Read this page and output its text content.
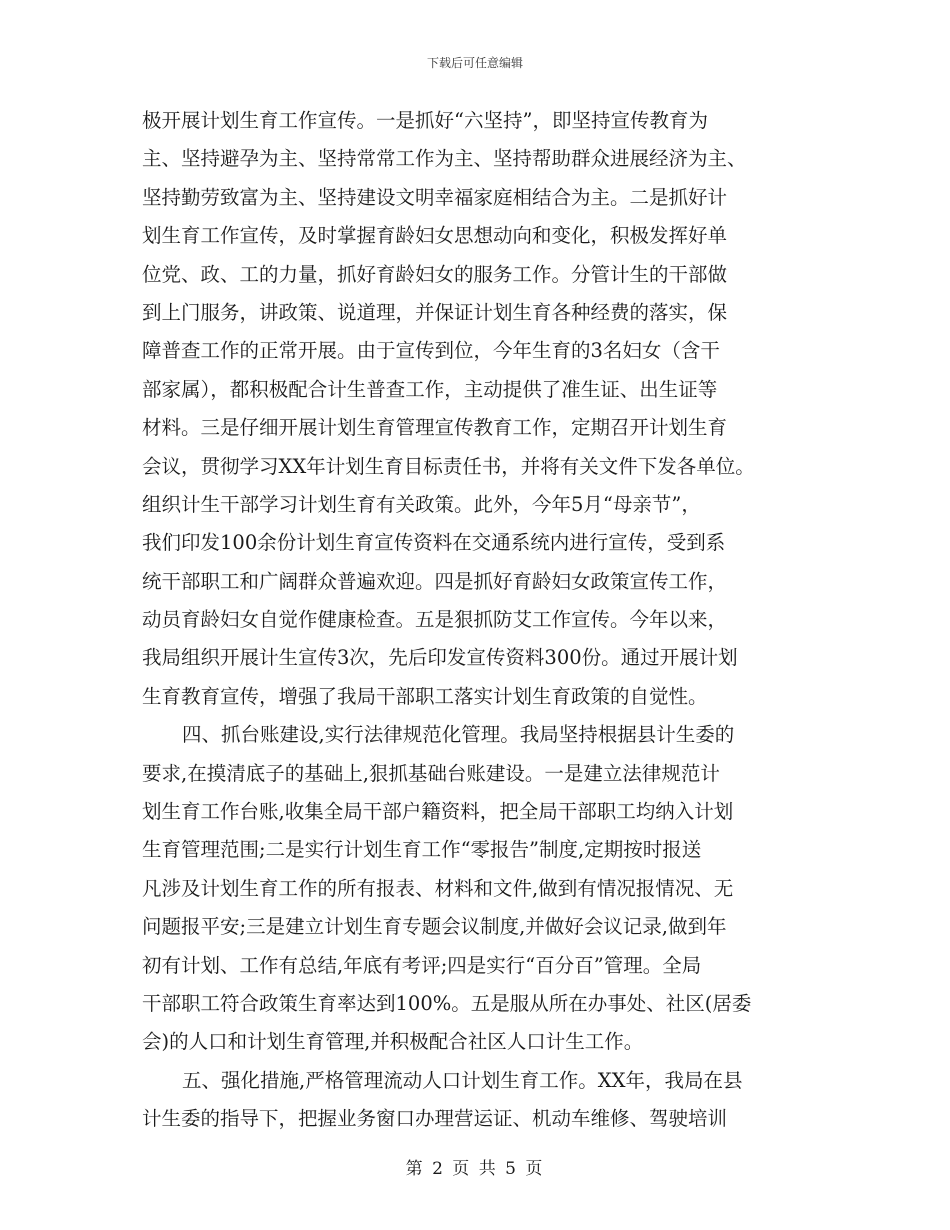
下载后可任意编辑
极开展计划生育工作宣传。一是抓好“六坚持”，即坚持宣传教育为
主、坚持避孕为主、坚持常常工作为主、坚持帮助群众进展经济为主、
坚持勤劳致富为主、坚持建设文明幸福家庭相结合为主。二是抓好计
划生育工作宣传，及时掌握育龄妇女思想动向和变化，积极发挥好单
位党、政、工的力量，抓好育龄妇女的服务工作。分管计生的干部做
到上门服务，讲政策、说道理，并保证计划生育各种经费的落实，保
障普查工作的正常开展。由于宣传到位，今年生育的3名妇女（含干
部家属），都积极配合计生普查工作，主动提供了准生证、出生证等
材料。三是仔细开展计划生育管理宣传教育工作，定期召开计划生育
会议，贯彻学习XX年计划生育目标责任书，并将有关文件下发各单位。
组织计生干部学习计划生育有关政策。此外，今年5月“母亲节”，
我们印发100余份计划生育宣传资料在交通系统内进行宣传，受到系
统干部职工和广阔群众普遍欢迎。四是抓好育龄妇女政策宣传工作，
动员育龄妇女自觉作健康检查。五是狠抓防艾工作宣传。今年以来，
我局组织开展计生宣传3次，先后印发宣传资料300份。通过开展计划
生育教育宣传，增强了我局干部职工落实计划生育政策的自觉性。
四、抓台账建设,实行法律规范化管理。我局坚持根据县计生委的
要求,在摸清底子的基础上,狠抓基础台账建设。一是建立法律规范计
划生育工作台账,收集全局干部户籍资料，把全局干部职工均纳入计划
生育管理范围;二是实行计划生育工作“零报告”制度,定期按时报送
凡涉及计划生育工作的所有报表、材料和文件,做到有情况报情况、无
问题报平安;三是建立计划生育专题会议制度,并做好会议记录,做到年
初有计划、工作有总结,年底有考评;四是实行“百分百”管理。全局
干部职工符合政策生育率达到100%。五是服从所在办事处、社区(居委
会)的人口和计划生育管理,并积极配合社区人口计生工作。
五、强化措施,严格管理流动人口计划生育工作。XX年，我局在县
计生委的指导下，把握业务窗口办理营运证、机动车维修、驾驶培训
第 2 页 共 5 页
